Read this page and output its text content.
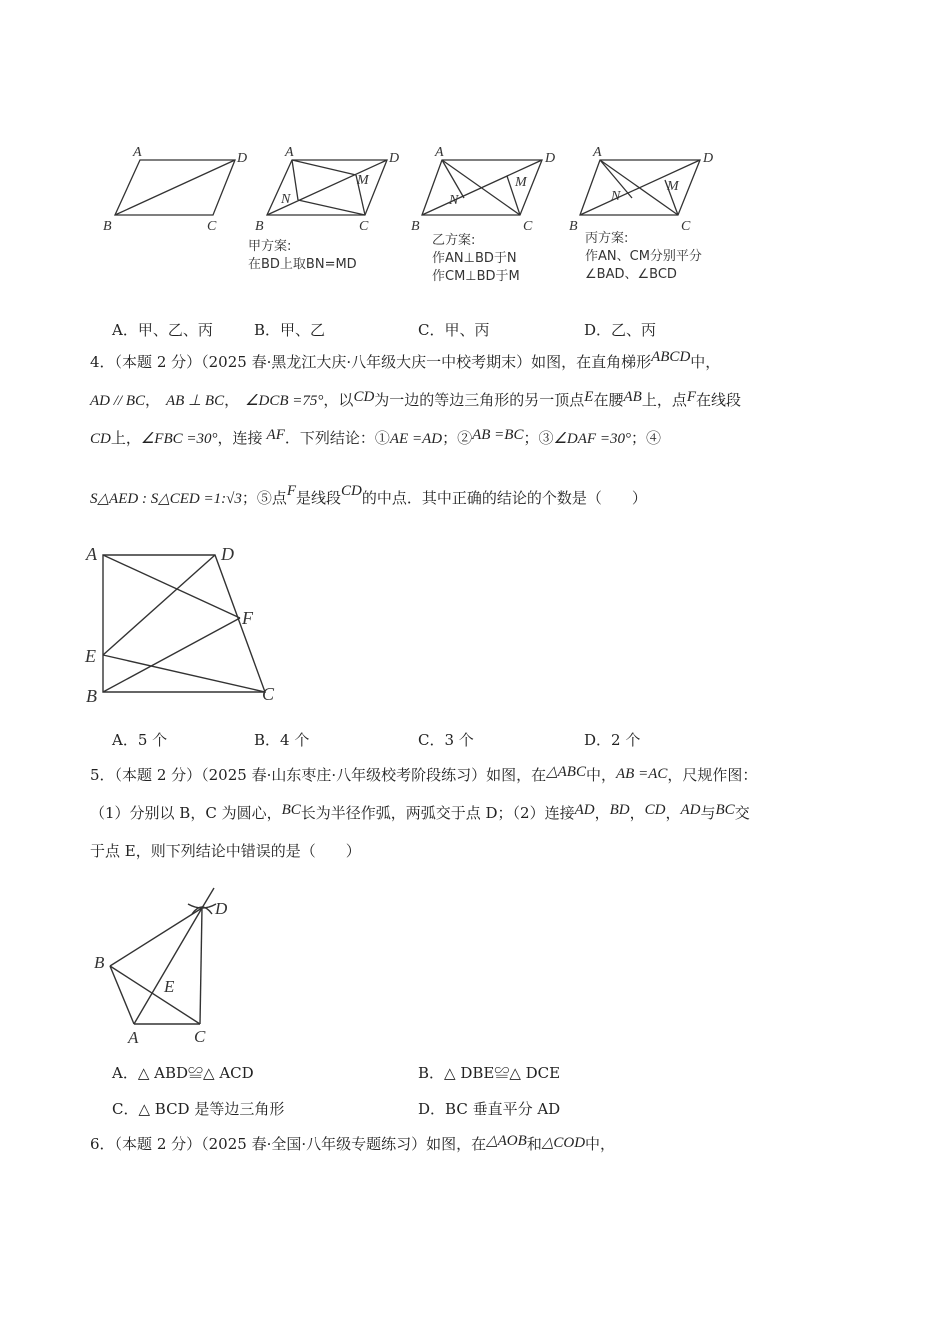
A	D
B	C
A	D
B	C
N
M
A	D
B	C
N
M
A	D
B	C
N
M
甲方案:
在BD上取BN=MD
乙方案:
作AN⊥BD于N
作CM⊥BD于M
丙方案:
作AN、CM分别平分
∠BAD、∠BCD
A．甲、乙、丙	B．甲、乙	C．甲、丙	D．乙、丙
4．（本题 2 分）（2025 春·黑龙江大庆·八年级大庆一中校考期末）如图，在直角梯形ABCD中，
AD // BC， AB ⊥ BC， ∠DCB =75°，以CD为一边的等边三角形的另一顶点E在腰AB上，点F在线段
CD上，∠FBC =30°，连接 AF．下列结论：①AE =AD；②AB =BC；③∠DAF =30°；④
S△AED : S△CED =1:√3；⑤点F是线段CD的中点．其中正确的结论的个数是（　　）
A	D
F
E
B	C
A．5 个	B．4 个	C．3 个	D．2 个
5．（本题 2 分）（2025 春·山东枣庄·八年级校考阶段练习）如图，在△ABC中，AB =AC，尺规作图：
（1）分别以 B，C 为圆心，BC长为半径作弧，两弧交于点 D；（2）连接AD，BD，CD，AD与BC交
于点 E，则下列结论中错误的是（　　）
D
B
E
A	C
A．△ ABD≌△ ACD	B．△ DBE≌△ DCE
C．△ BCD 是等边三角形	D．BC 垂直平分 AD
6．（本题 2 分）（2025 春·全国·八年级专题练习）如图，在△AOB和△COD中，
